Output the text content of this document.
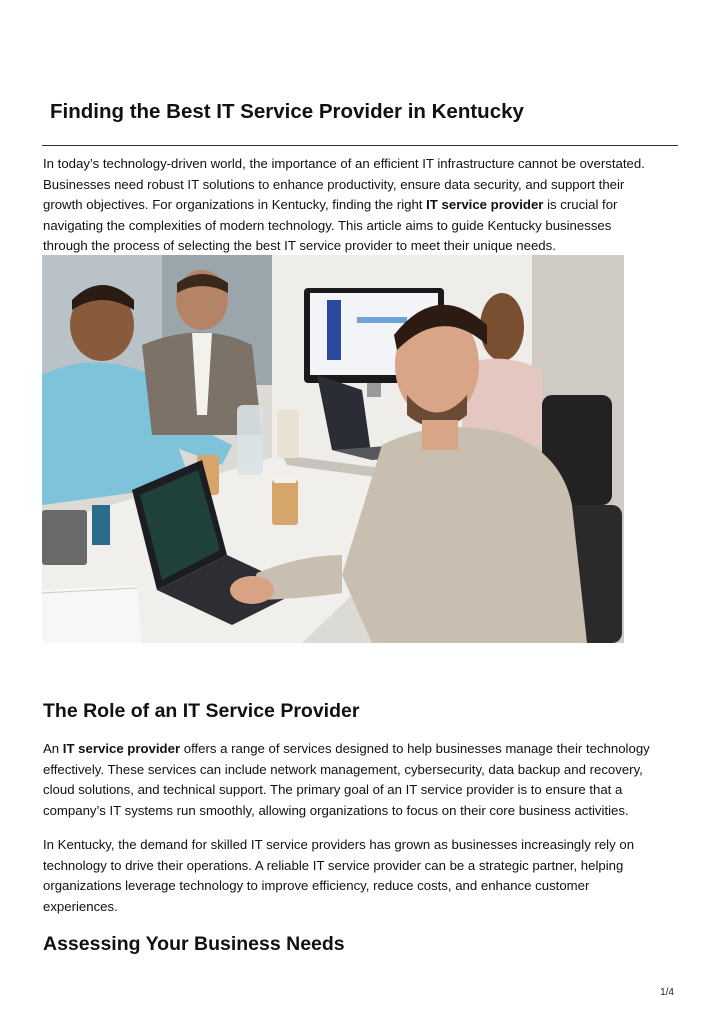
Finding the Best IT Service Provider in Kentucky

In today’s technology-driven world, the importance of an efficient IT infrastructure cannot be overstated.
Businesses need robust IT solutions to enhance productivity, ensure data security, and support their
growth objectives. For organizations in Kentucky, finding the right IT service provider is crucial for
navigating the complexities of modern technology. This article aims to guide Kentucky businesses
through the process of selecting the best IT service provider to meet their unique needs.

The Role of an IT Service Provider

An IT service provider offers a range of services designed to help businesses manage their technology
effectively. These services can include network management, cybersecurity, data backup and recovery,
cloud solutions, and technical support. The primary goal of an IT service provider is to ensure that a
company’s IT systems run smoothly, allowing organizations to focus on their core business activities.

In Kentucky, the demand for skilled IT service providers has grown as businesses increasingly rely on
technology to drive their operations. A reliable IT service provider can be a strategic partner, helping
organizations leverage technology to improve efficiency, reduce costs, and enhance customer
experiences.

Assessing Your Business Needs
1/4
